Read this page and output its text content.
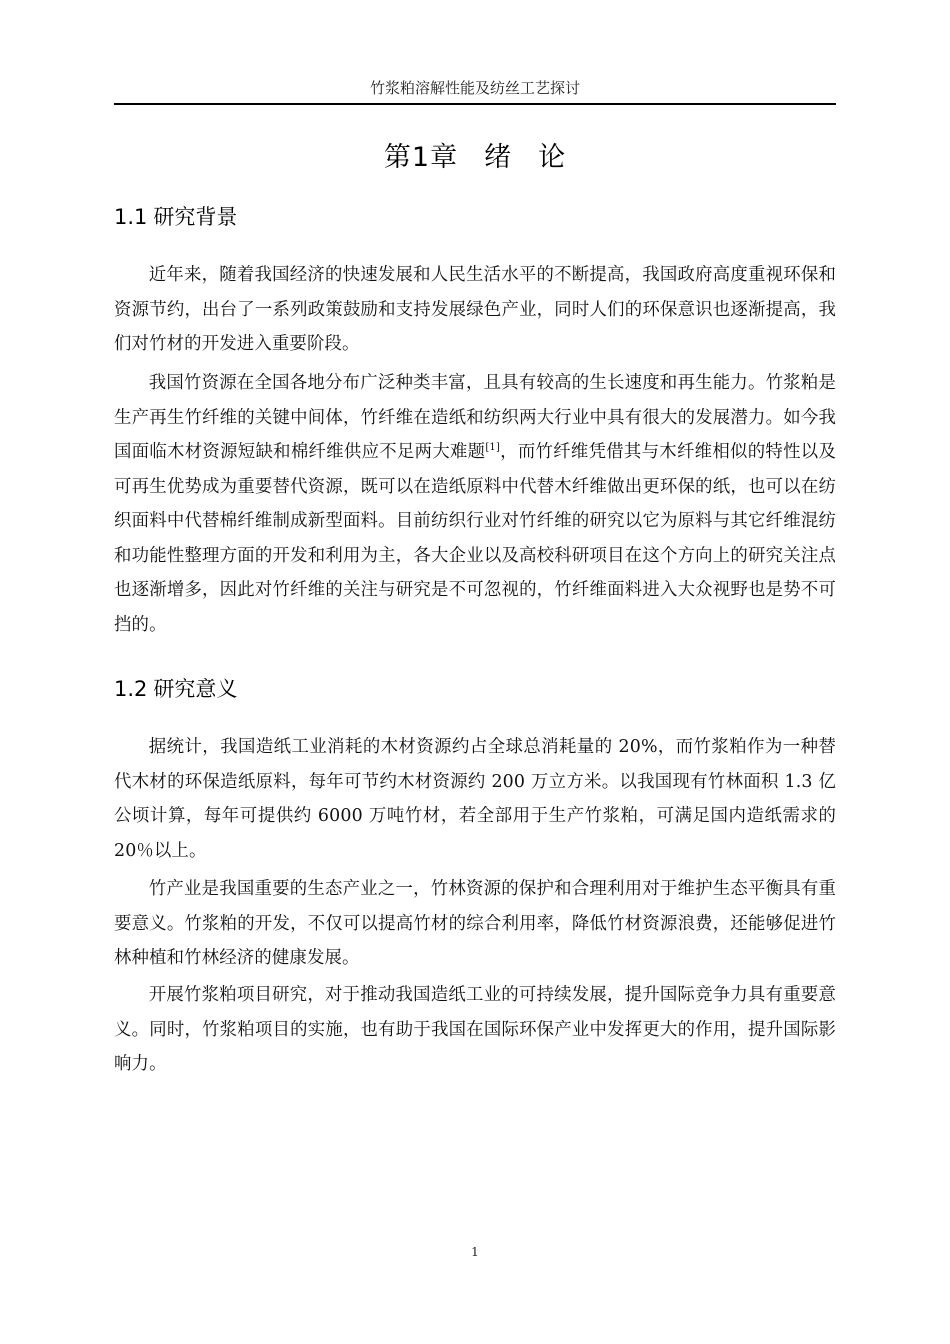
竹浆粕溶解性能及纺丝工艺探讨
第1章 绪 论
1.1 研究背景

近年来，随着我国经济的快速发展和人民生活水平的不断提高，我国政府高度重视环保和资源节约，出台了一系列政策鼓励和支持发展绿色产业，同时人们的环保意识也逐渐提高，我们对竹材的开发进入重要阶段。

我国竹资源在全国各地分布广泛种类丰富，且具有较高的生长速度和再生能力。竹浆粕是生产再生竹纤维的关键中间体，竹纤维在造纸和纺织两大行业中具有很大的发展潜力。如今我国面临木材资源短缺和棉纤维供应不足两大难题[1]，而竹纤维凭借其与木纤维相似的特性以及可再生优势成为重要替代资源，既可以在造纸原料中代替木纤维做出更环保的纸，也可以在纺织面料中代替棉纤维制成新型面料。目前纺织行业对竹纤维的研究以它为原料与其它纤维混纺和功能性整理方面的开发和利用为主，各大企业以及高校科研项目在这个方向上的研究关注点也逐渐增多，因此对竹纤维的关注与研究是不可忽视的，竹纤维面料进入大众视野也是势不可挡的。

1.2 研究意义

据统计，我国造纸工业消耗的木材资源约占全球总消耗量的 20%，而竹浆粕作为一种替代木材的环保造纸原料，每年可节约木材资源约 200 万立方米。以我国现有竹林面积 1.3 亿公顷计算，每年可提供约 6000 万吨竹材，若全部用于生产竹浆粕，可满足国内造纸需求的 20％以上。

竹产业是我国重要的生态产业之一，竹林资源的保护和合理利用对于维护生态平衡具有重要意义。竹浆粕的开发，不仅可以提高竹材的综合利用率，降低竹材资源浪费，还能够促进竹林种植和竹林经济的健康发展。

开展竹浆粕项目研究，对于推动我国造纸工业的可持续发展，提升国际竞争力具有重要意义。同时，竹浆粕项目的实施，也有助于我国在国际环保产业中发挥更大的作用，提升国际影响力。

1
